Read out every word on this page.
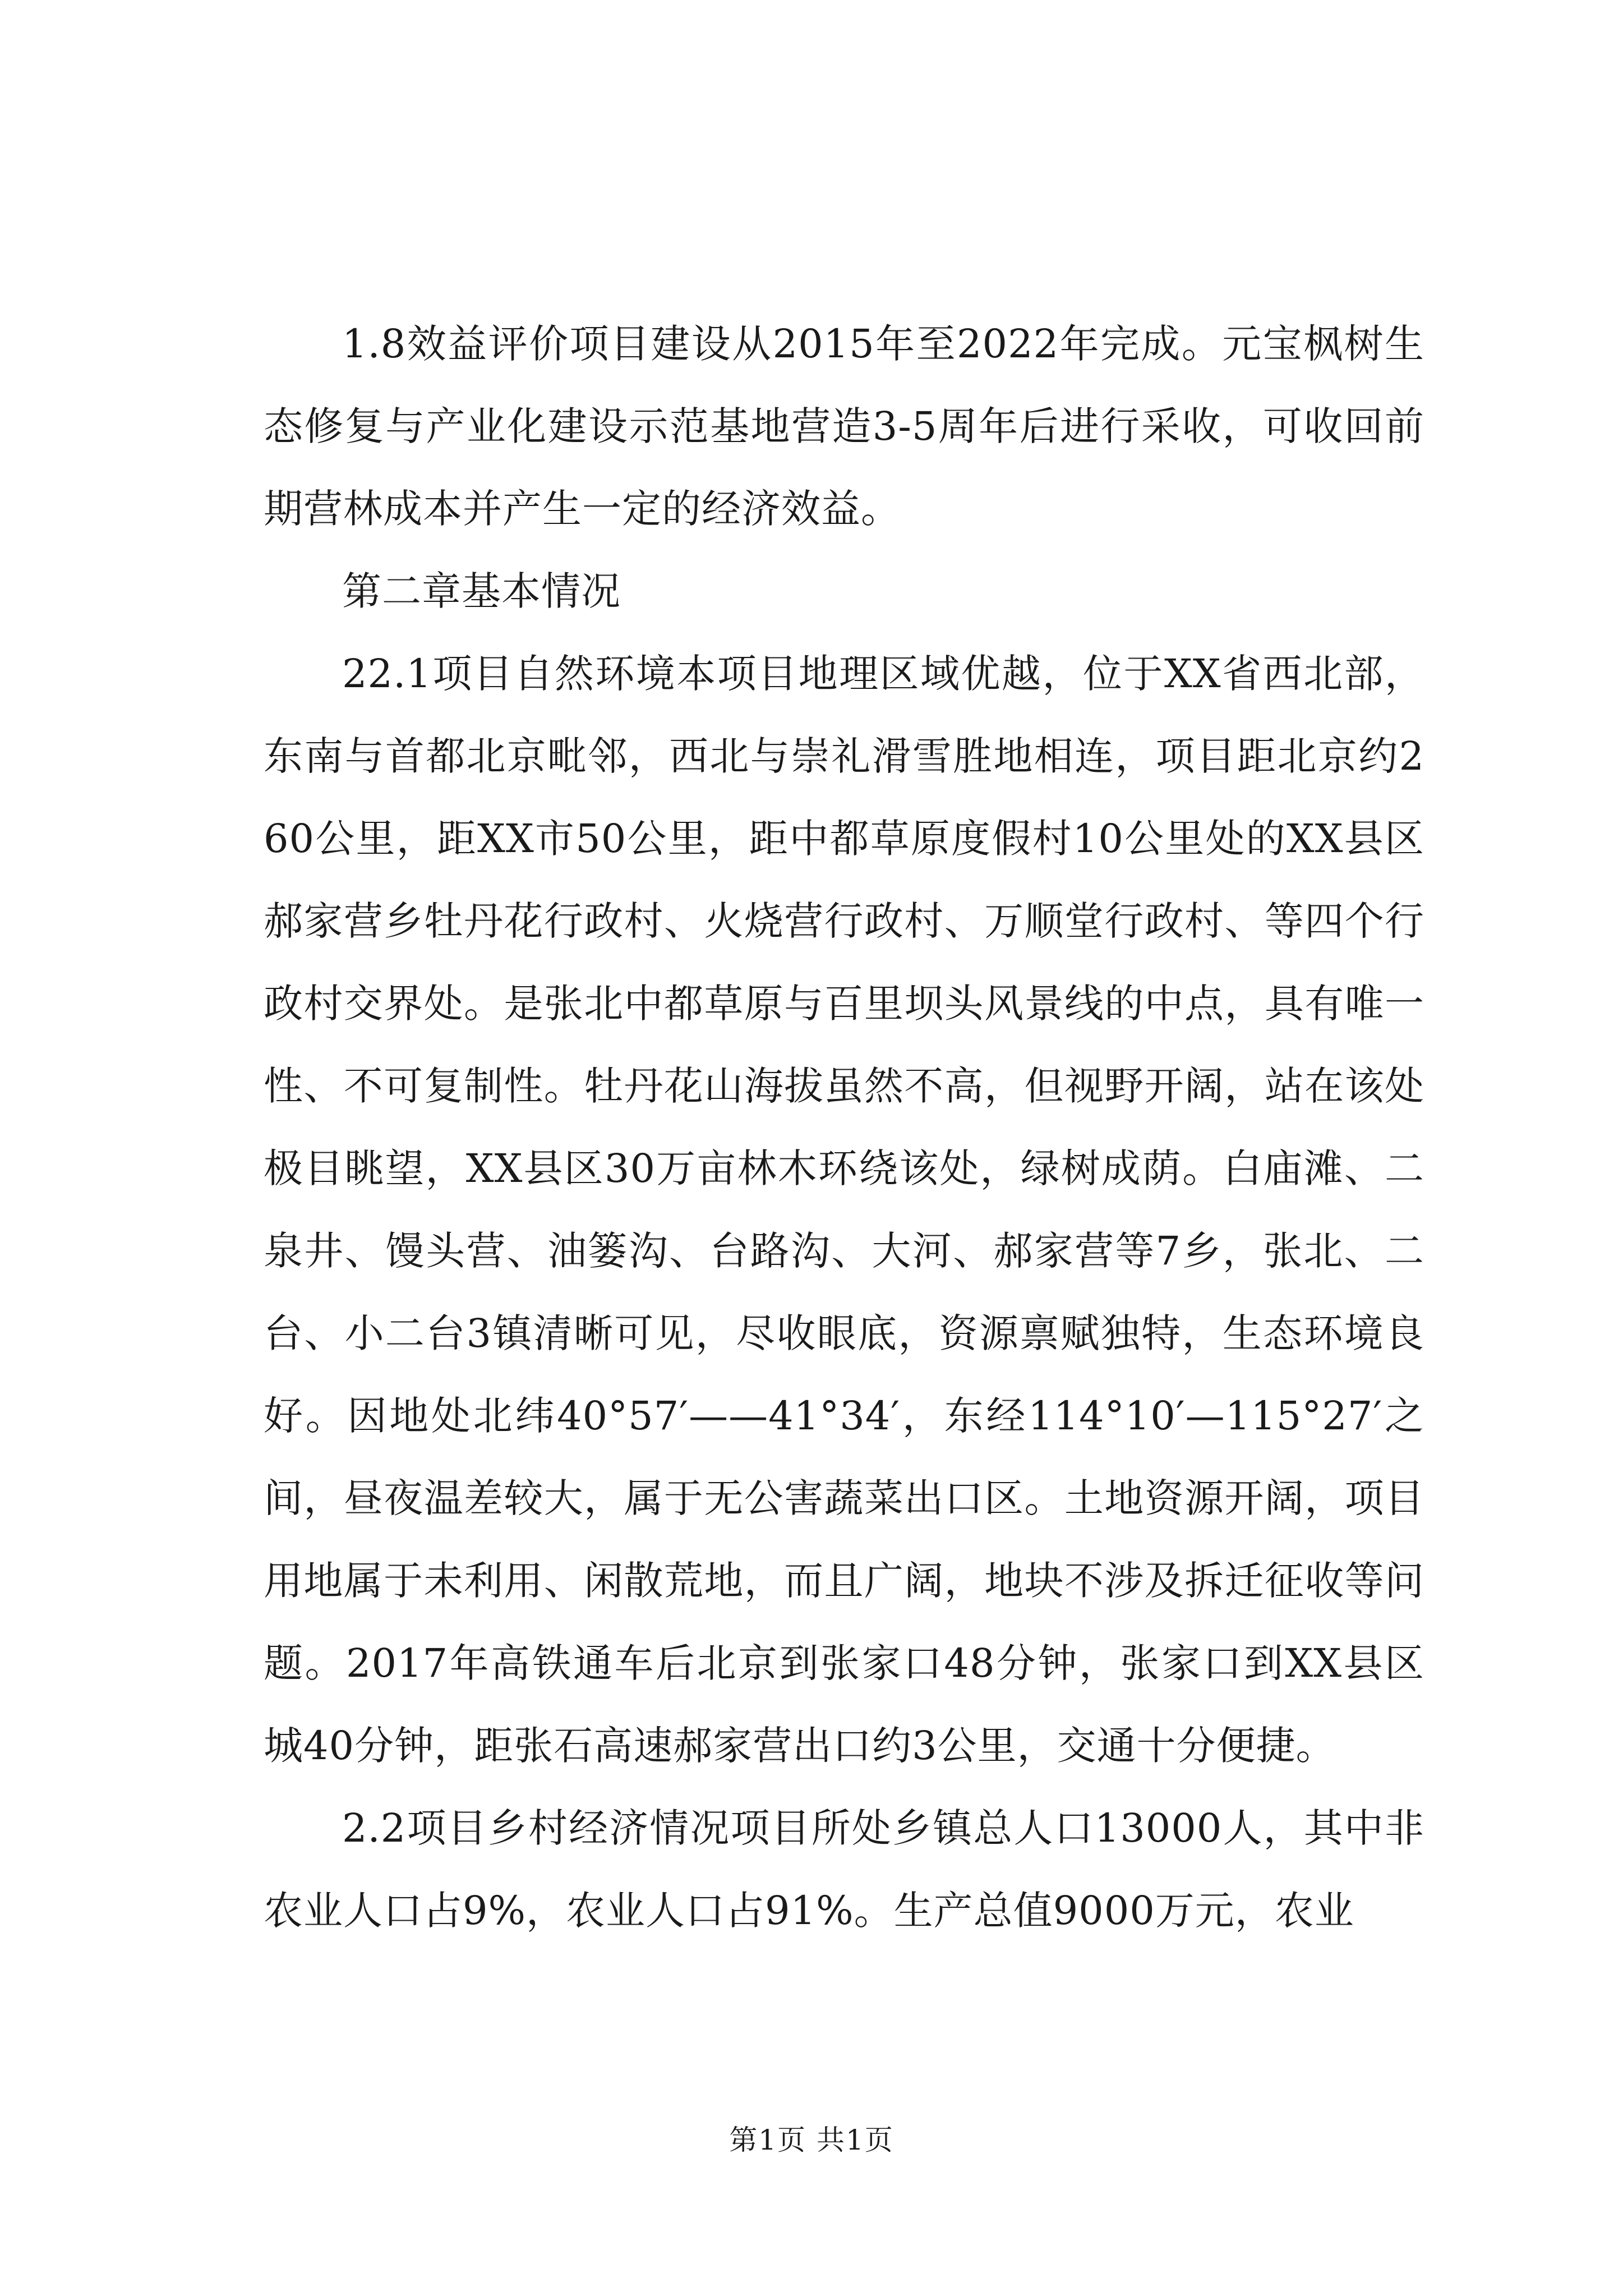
1.8效益评价项目建设从2015年至2022年完成。元宝枫树生态修复与产业化建设示范基地营造3-5周年后进行采收，可收回前期营林成本并产生一定的经济效益。

第二章基本情况

22.1项目自然环境本项目地理区域优越，位于XX省西北部，东南与首都北京毗邻，西北与崇礼滑雪胜地相连，项目距北京约260公里，距XX市50公里，距中都草原度假村10公里处的XX县区郝家营乡牡丹花行政村、火烧营行政村、万顺堂行政村、等四个行政村交界处。是张北中都草原与百里坝头风景线的中点，具有唯一性、不可复制性。牡丹花山海拔虽然不高，但视野开阔，站在该处极目眺望，XX县区30万亩林木环绕该处，绿树成荫。白庙滩、二泉井、馒头营、油篓沟、台路沟、大河、郝家营等7乡，张北、二台、小二台3镇清晰可见，尽收眼底，资源禀赋独特，生态环境良好。因地处北纬40°57′——41°34′，东经114°10′—115°27′之间，昼夜温差较大，属于无公害蔬菜出口区。土地资源开阔，项目用地属于未利用、闲散荒地，而且广阔，地块不涉及拆迁征收等问题。2017年高铁通车后北京到张家口48分钟，张家口到XX县区城40分钟，距张石高速郝家营出口约3公里，交通十分便捷。

2.2项目乡村经济情况项目所处乡镇总人口13000人，其中非农业人口占9%，农业人口占91%。生产总值9000万元，农业

第1页 共1页
